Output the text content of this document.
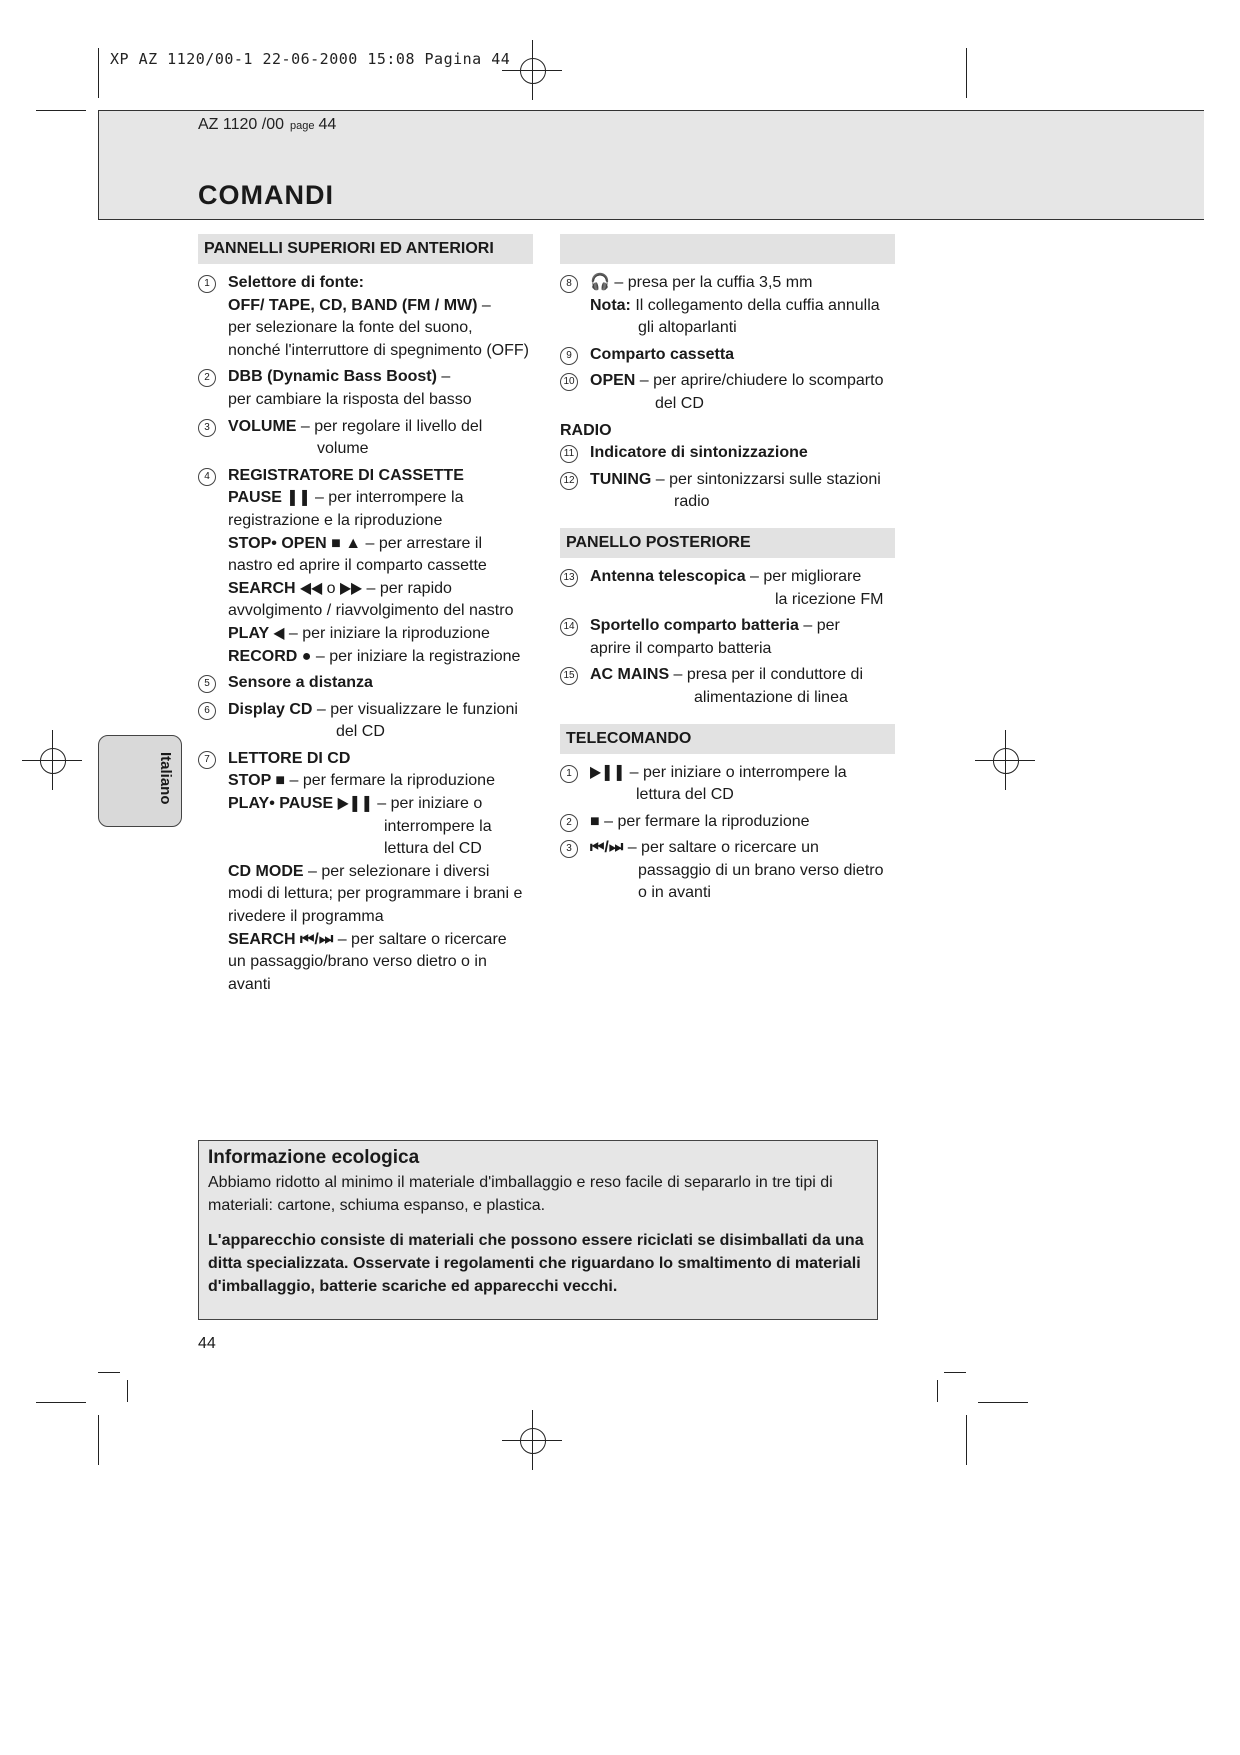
XP AZ 1120/00-1 22-06-2000 15:08 Pagina 44
AZ 1120 /00 page 44
COMANDI
PANNELLI SUPERIORI ED ANTERIORI
1	Selettore di fonte:
OFF/ TAPE, CD, BAND (FM / MW) –
per selezionare la fonte del suono,
nonché l'interruttore di spegnimento (OFF)
2	DBB (Dynamic Bass Boost) –
per cambiare la risposta del basso
3	VOLUME – per regolare il livello del
volume
4	REGISTRATORE DI CASSETTE
PAUSE ❚❚ – per interrompere la
registrazione e la riproduzione
STOP• OPEN ■ ▲ – per arrestare il
nastro ed aprire il comparto cassette
SEARCH ◀◀ o ▶▶ – per rapido
avvolgimento / riavvolgimento del nastro
PLAY ◀ – per iniziare la riproduzione
RECORD ● – per iniziare la registrazione
5	Sensore a distanza
6	Display CD – per visualizzare le funzioni
del CD
7	LETTORE DI CD
STOP ■ – per fermare la riproduzione
PLAY• PAUSE ▶❚❚ – per iniziare o
interrompere la
lettura del CD
CD MODE – per selezionare i diversi
modi di lettura; per programmare i brani e
rivedere il programma
SEARCH ⏮/⏭ – per saltare o ricercare
un passaggio/brano verso dietro o in
avanti
8	🎧 – presa per la cuffia 3,5 mm
Nota: Il collegamento della cuffia annulla
gli altoparlanti
9	Comparto cassetta
10 OPEN – per aprire/chiudere lo scomparto
del CD
RADIO
11 Indicatore di sintonizzazione
12 TUNING – per sintonizzarsi sulle stazioni
radio
PANELLO POSTERIORE
13 Antenna telescopica – per migliorare
la ricezione FM
14 Sportello comparto batteria – per
aprire il comparto batteria
15 AC MAINS – presa per il conduttore di
alimentazione di linea
TELECOMANDO
1	▶❚❚ – per iniziare o interrompere la
lettura del CD
2	■ – per fermare la riproduzione
3	⏮/⏭ – per saltare o ricercare un
passaggio di un brano verso dietro
o in avanti
Italiano
Informazione ecologica

Abbiamo ridotto al minimo il materiale d'imballaggio e reso facile di separarlo in tre tipi di materiali: cartone, schiuma espanso, e plastica.

L'apparecchio consiste di materiali che possono essere riciclati se disimballati da una ditta specializzata. Osservate i regolamenti che riguardano lo smaltimento di materiali d'imballaggio, batterie scariche ed apparecchi vecchi.

44
